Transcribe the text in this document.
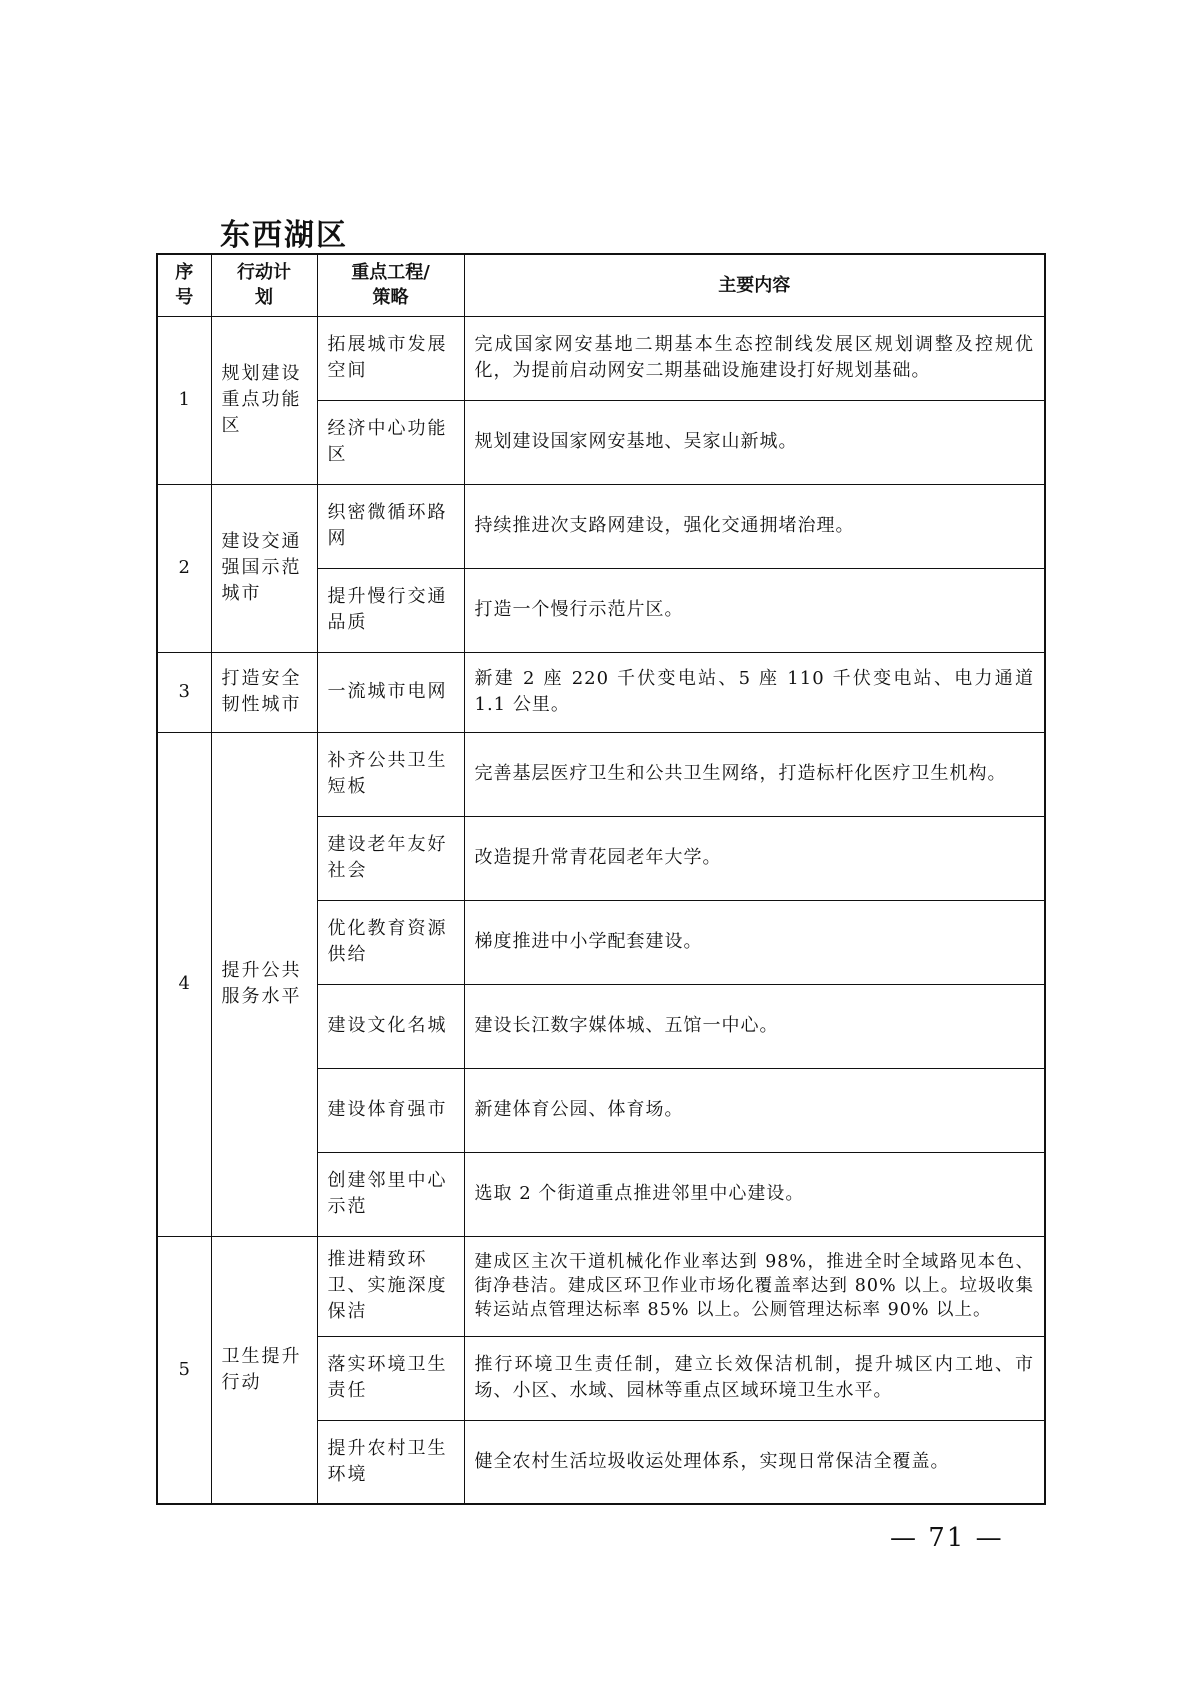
东西湖区
序号	行动计划	重点工程/策略	主要内容
1	规划建设重点功能区	拓展城市发展空间	完成国家网安基地二期基本生态控制线发展区规划调整及控规优化，为提前启动网安二期基础设施建设打好规划基础。
		经济中心功能区	规划建设国家网安基地、吴家山新城。
2	建设交通强国示范城市	织密微循环路网	持续推进次支路网建设，强化交通拥堵治理。
		提升慢行交通品质	打造一个慢行示范片区。
3	打造安全韧性城市	一流城市电网	新建 2 座 220 千伏变电站、5 座 110 千伏变电站、电力通道 1.1 公里。
4	提升公共服务水平	补齐公共卫生短板	完善基层医疗卫生和公共卫生网络，打造标杆化医疗卫生机构。
		建设老年友好社会	改造提升常青花园老年大学。
		优化教育资源供给	梯度推进中小学配套建设。
		建设文化名城	建设长江数字媒体城、五馆一中心。
		建设体育强市	新建体育公园、体育场。
		创建邻里中心示范	选取 2 个街道重点推进邻里中心建设。
5	卫生提升行动	推进精致环卫、实施深度保洁	建成区主次干道机械化作业率达到 98%，推进全时全域路见本色、街净巷洁。建成区环卫作业市场化覆盖率达到 80% 以上。垃圾收集转运站点管理达标率 85% 以上。公厕管理达标率 90% 以上。
		落实环境卫生责任	推行环境卫生责任制，建立长效保洁机制，提升城区内工地、市场、小区、水域、园林等重点区域环境卫生水平。
		提升农村卫生环境	健全农村生活垃圾收运处理体系，实现日常保洁全覆盖。
— 71 —
